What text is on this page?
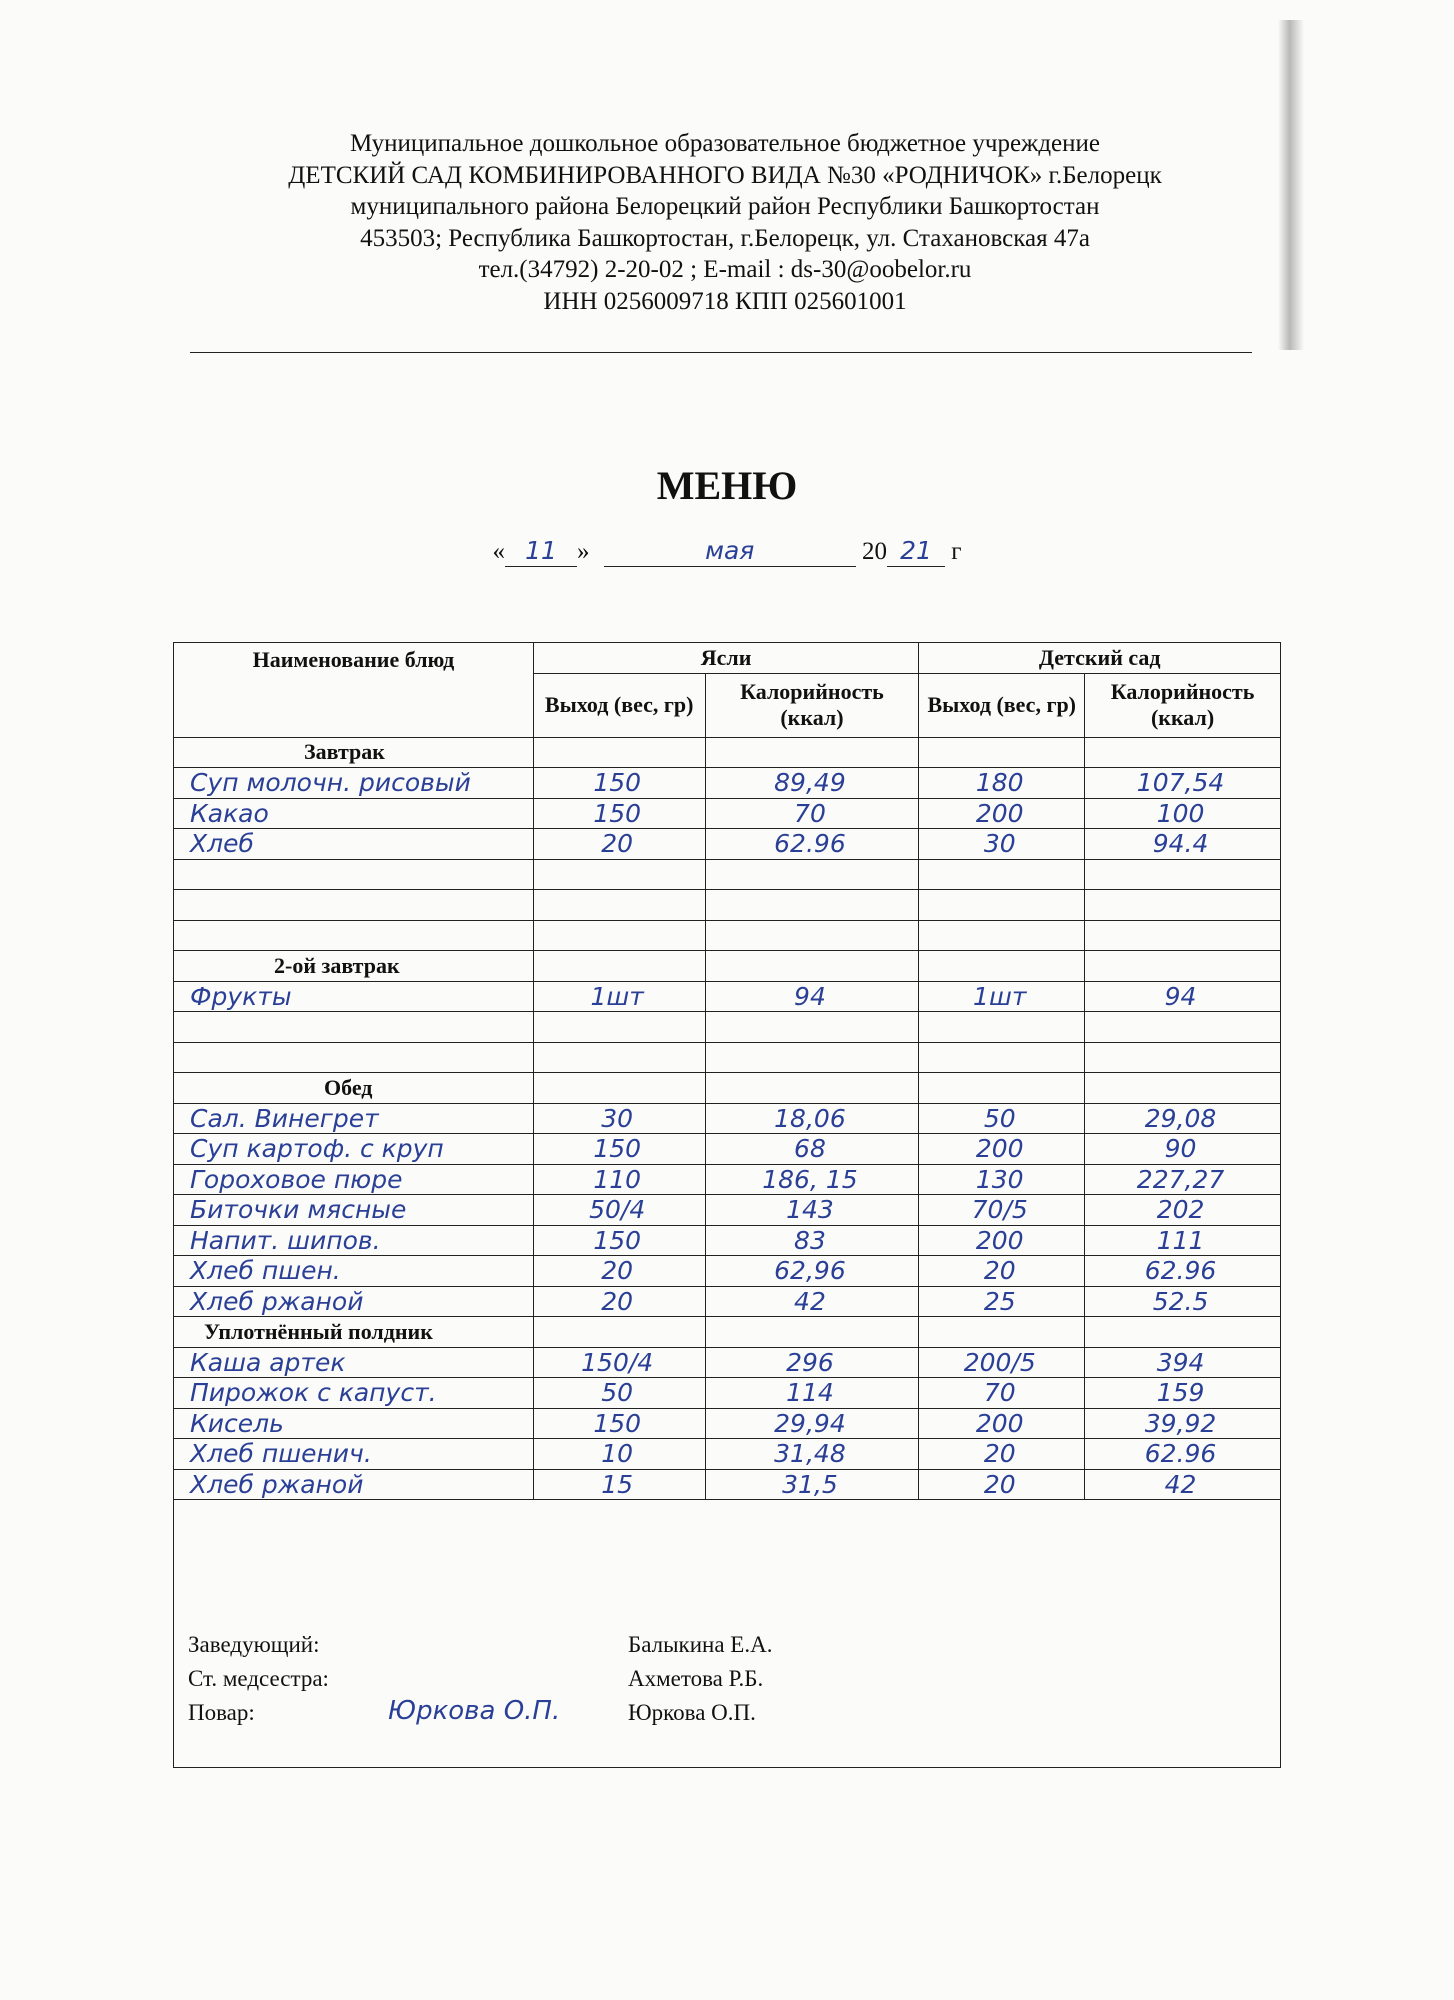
Муниципальное дошкольное образовательное бюджетное учреждение
ДЕТСКИЙ САД КОМБИНИРОВАННОГО ВИДА №30 «РОДНИЧОК» г.Белорецк
муниципального района Белорецкий район Республики Башкортостан
453503; Республика Башкортостан, г.Белорецк, ул. Стахановская 47а
тел.(34792) 2-20-02 ; E-mail : ds-30@oobelor.ru
ИНН 0256009718 КПП 025601001
МЕНЮ
« 11 »	мая	20 21 г
Наименование блюд	Ясли		Детский сад	
	Выход (вес, гр)	Калорийность (ккал)	Выход (вес, гр)	Калорийность (ккал)
Завтрак				
Суп молочн. рисовый	150	89,49	180	107,54
Какао	150	70	200	100
Хлеб	20	62.96	30	94.4

2-ой завтрак				
Фрукты	1шт	94	1шт	94

Обед				
Сал. Винегрет	30	18,06	50	29,08
Суп картоф. с круп	150	68	200	90
Гороховое пюре	110	186, 15	130	227,27
Биточки мясные	50/4	143	70/5	202
Напит. шипов.	150	83	200	111
Хлеб пшен.	20	62,96	20	62.96
Хлеб ржаной	20	42	25	52.5
Уплотнённый полдник				
Каша артек	150/4	296	200/5	394
Пирожок с капуст.	50	114	70	159
Кисель	150	29,94	200	39,92
Хлеб пшенич.	10	31,48	20	62.96
Хлеб ржаной	15	31,5	20	42
Заведующий:	Балыкина Е.А.
Ст. медсестра:	Ахметова Р.Б.
Повар:	Юркова О.П.	Юркова О.П.
